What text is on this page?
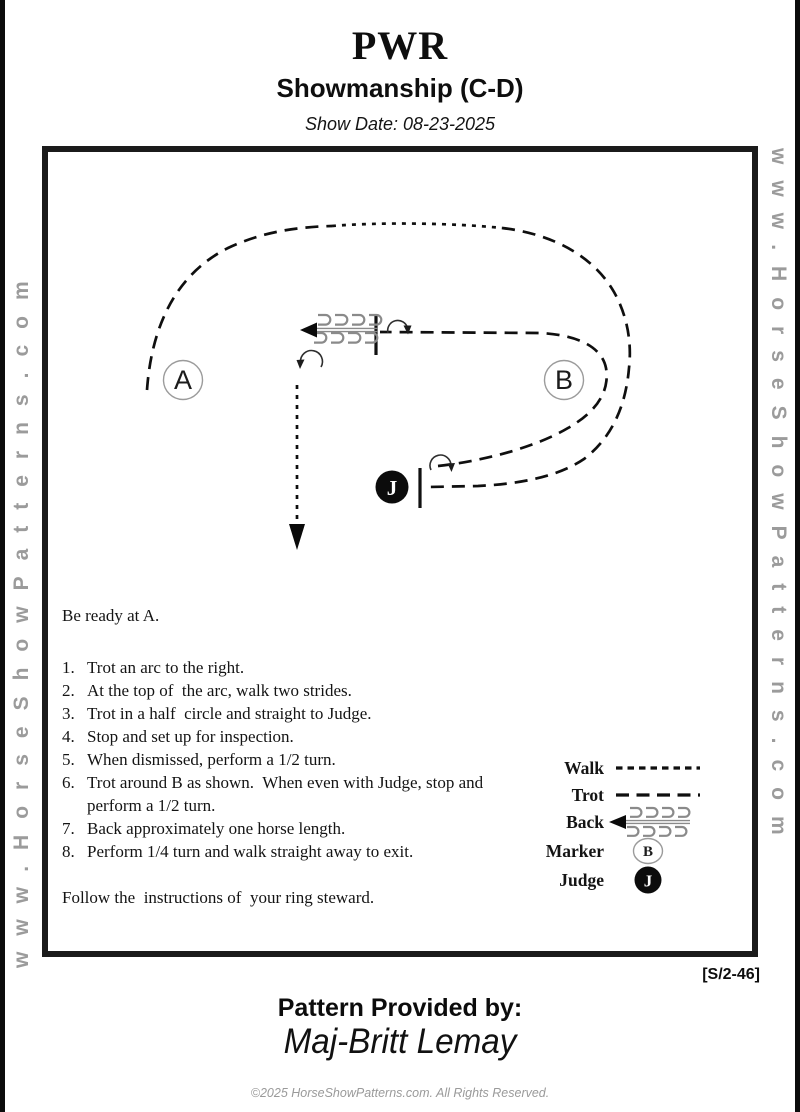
www.HorseShowPatterns.com	www.HorseShowPatterns.com
PWR
Showmanship (C-D)
Show Date: 08-23-2025
A	B
J
Walk
Trot
Back
Marker	B
Judge J
Be ready at A.
1. Trot an arc to the right.
2. At the top of  the arc, walk two strides.
3. Trot in a half  circle and straight to Judge.
4. Stop and set up for inspection.
5. When dismissed, perform a 1/2 turn.
6. Trot around B as shown.  When even with Judge, stop and perform a 1/2 turn.
7. Back approximately one horse length.
8. Perform 1/4 turn and walk straight away to exit.
Follow the  instructions of  your ring steward.
[S/2-46]
Pattern Provided by:
Maj-Britt Lemay
©2025 HorseShowPatterns.com. All Rights Reserved.
